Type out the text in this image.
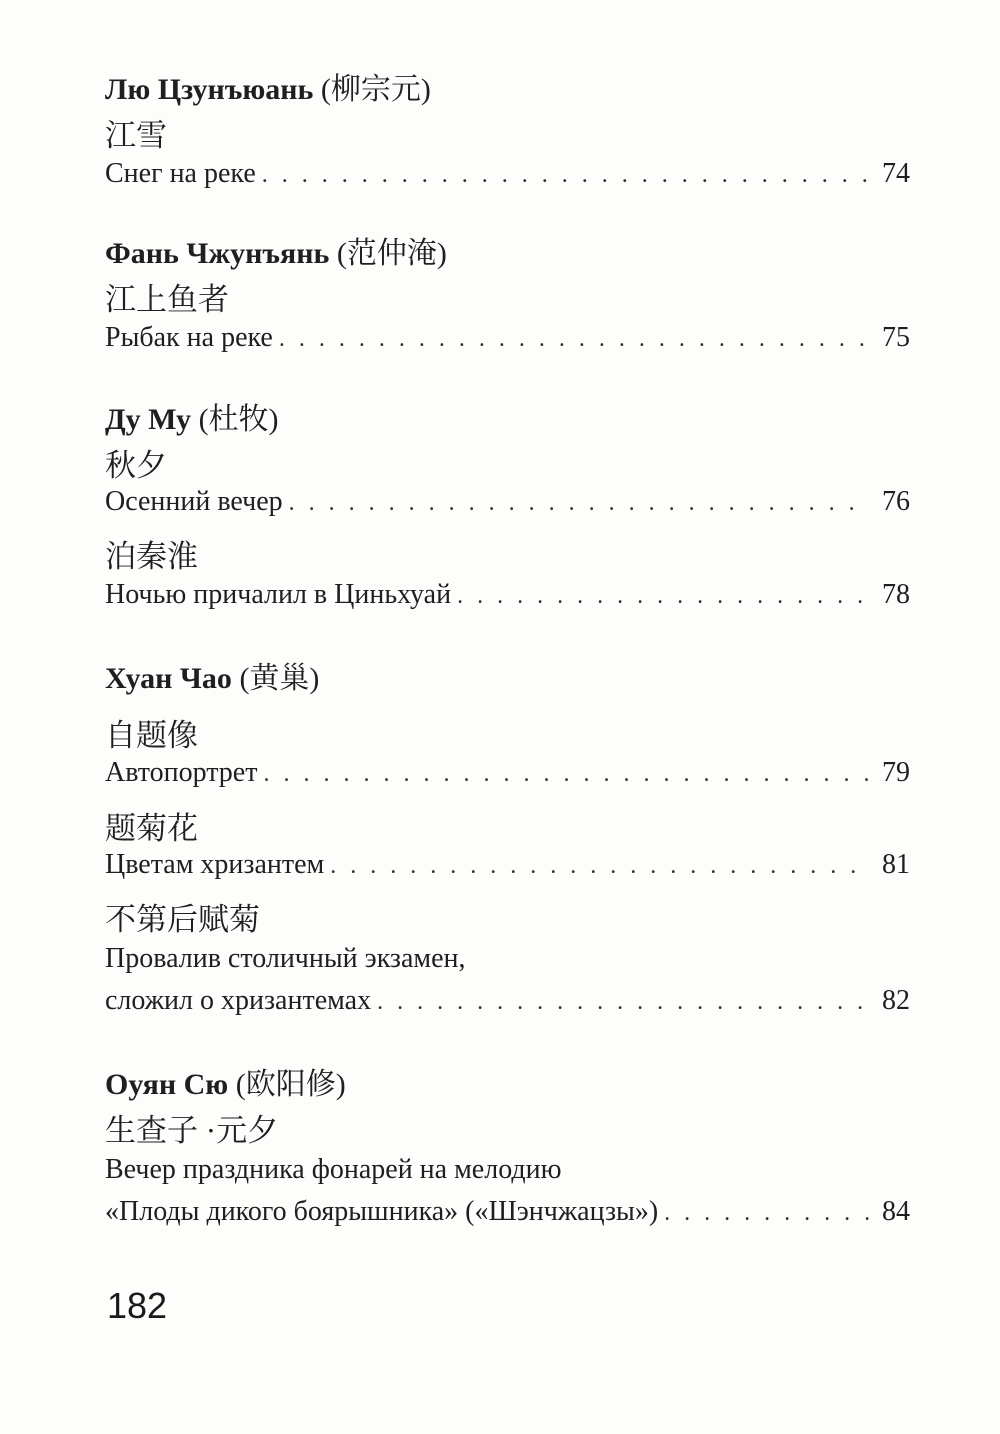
Лю Цзунъюань (柳宗元)
江雪
Снег на реке . . .	74
Фань Чжунъянь (范仲淹)
江上鱼者
Рыбак на реке . . .	75
Ду Му (杜牧)
秋夕
Осенний вечер . . .	76
泊秦淮
Ночью причалил в Циньхуай . . .	78
Хуан Чао (黄巢)
自题像
Автопортрет . . .	79
题菊花
Цветам хризантем . . .	81
不第后赋菊
Провалив столичный экзамен,
сложил о хризантемах . . .	82
Оуян Сю (欧阳修)
生查子 ·元夕
Вечер праздника фонарей на мелодию
«Плоды дикого боярышника» («Шэнчжацзы») . . .	84
182
